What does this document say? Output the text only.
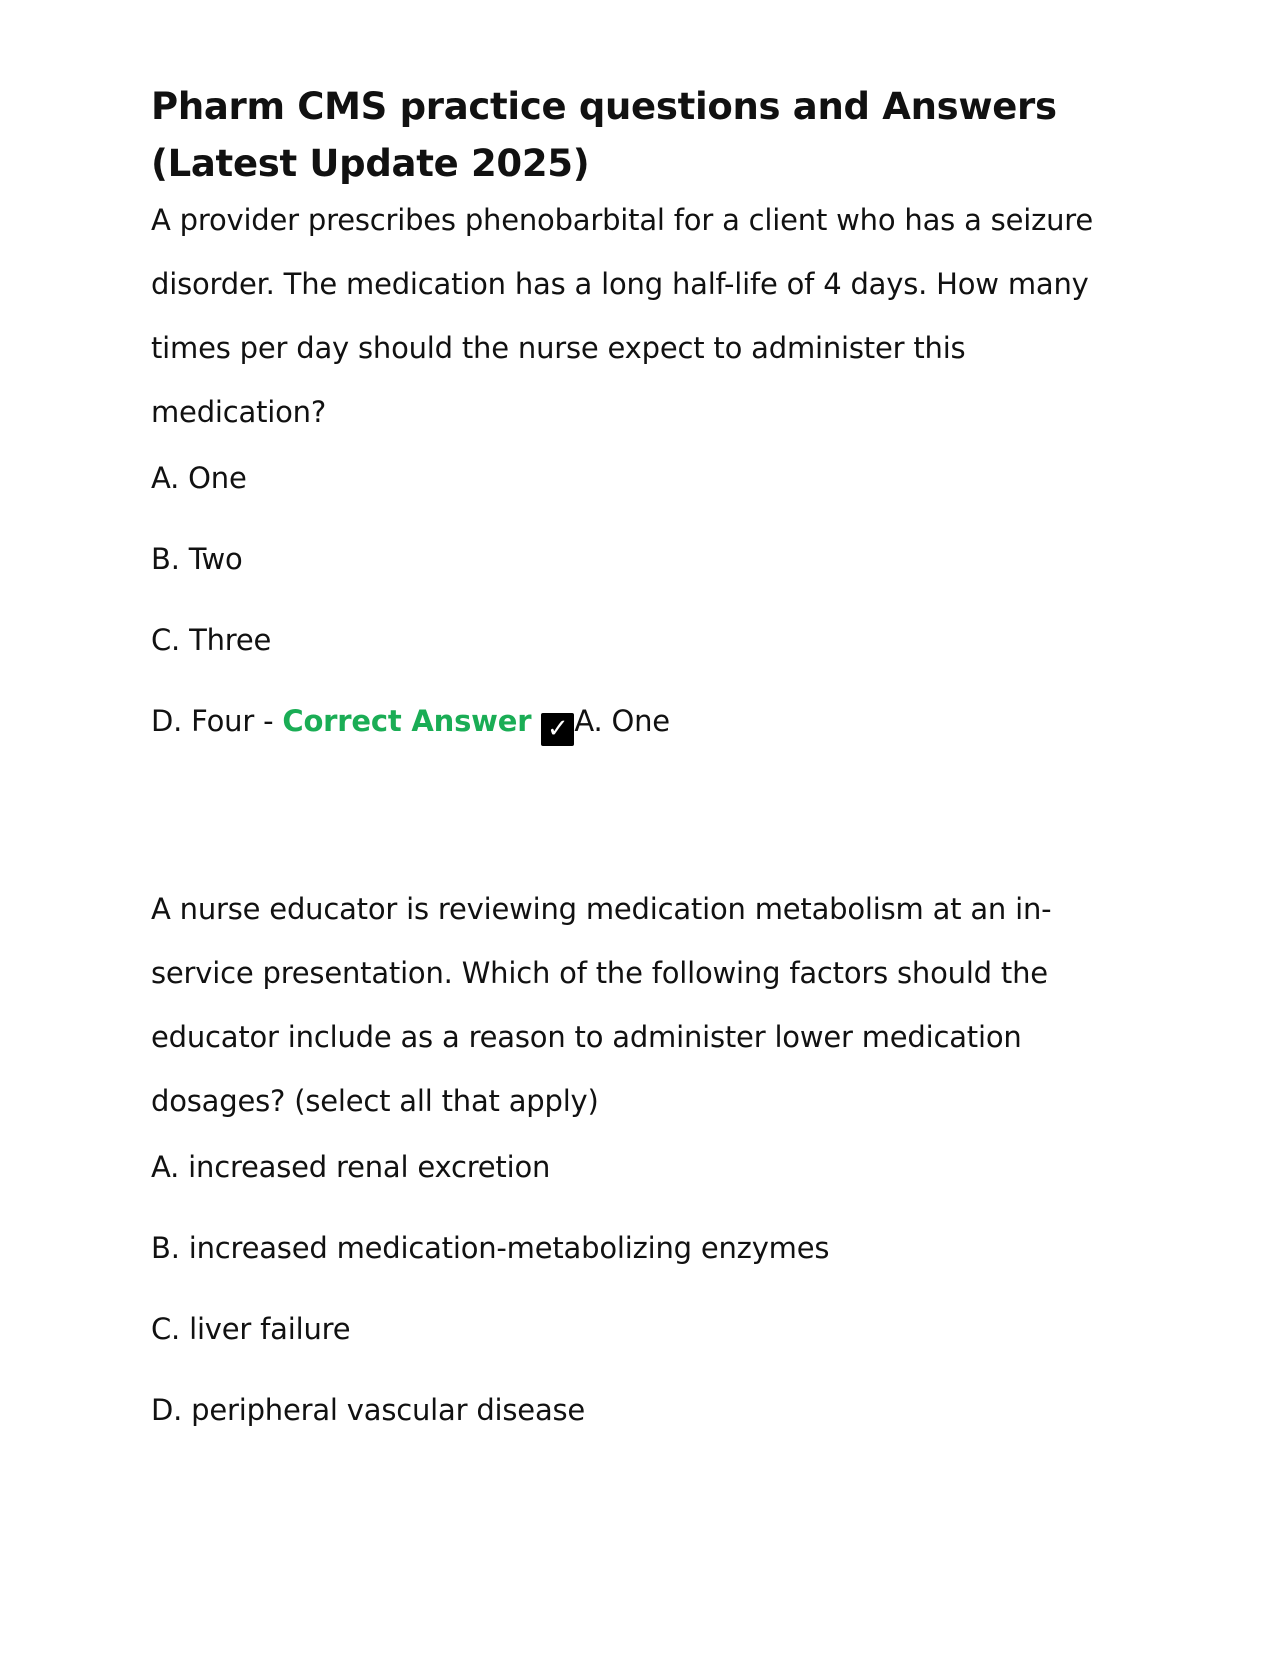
Pharm CMS practice questions and Answers
(Latest Update 2025)

A provider prescribes phenobarbital for a client who has a seizure disorder. The medication has a long half-life of 4 days. How many times per day should the nurse expect to administer this medication?

A. One
B. Two
C. Three
D. Four - Correct Answer ✓ A. One

A nurse educator is reviewing medication metabolism at an in-service presentation. Which of the following factors should the educator include as a reason to administer lower medication dosages? (select all that apply)

A. increased renal excretion
B. increased medication-metabolizing enzymes
C. liver failure
D. peripheral vascular disease
